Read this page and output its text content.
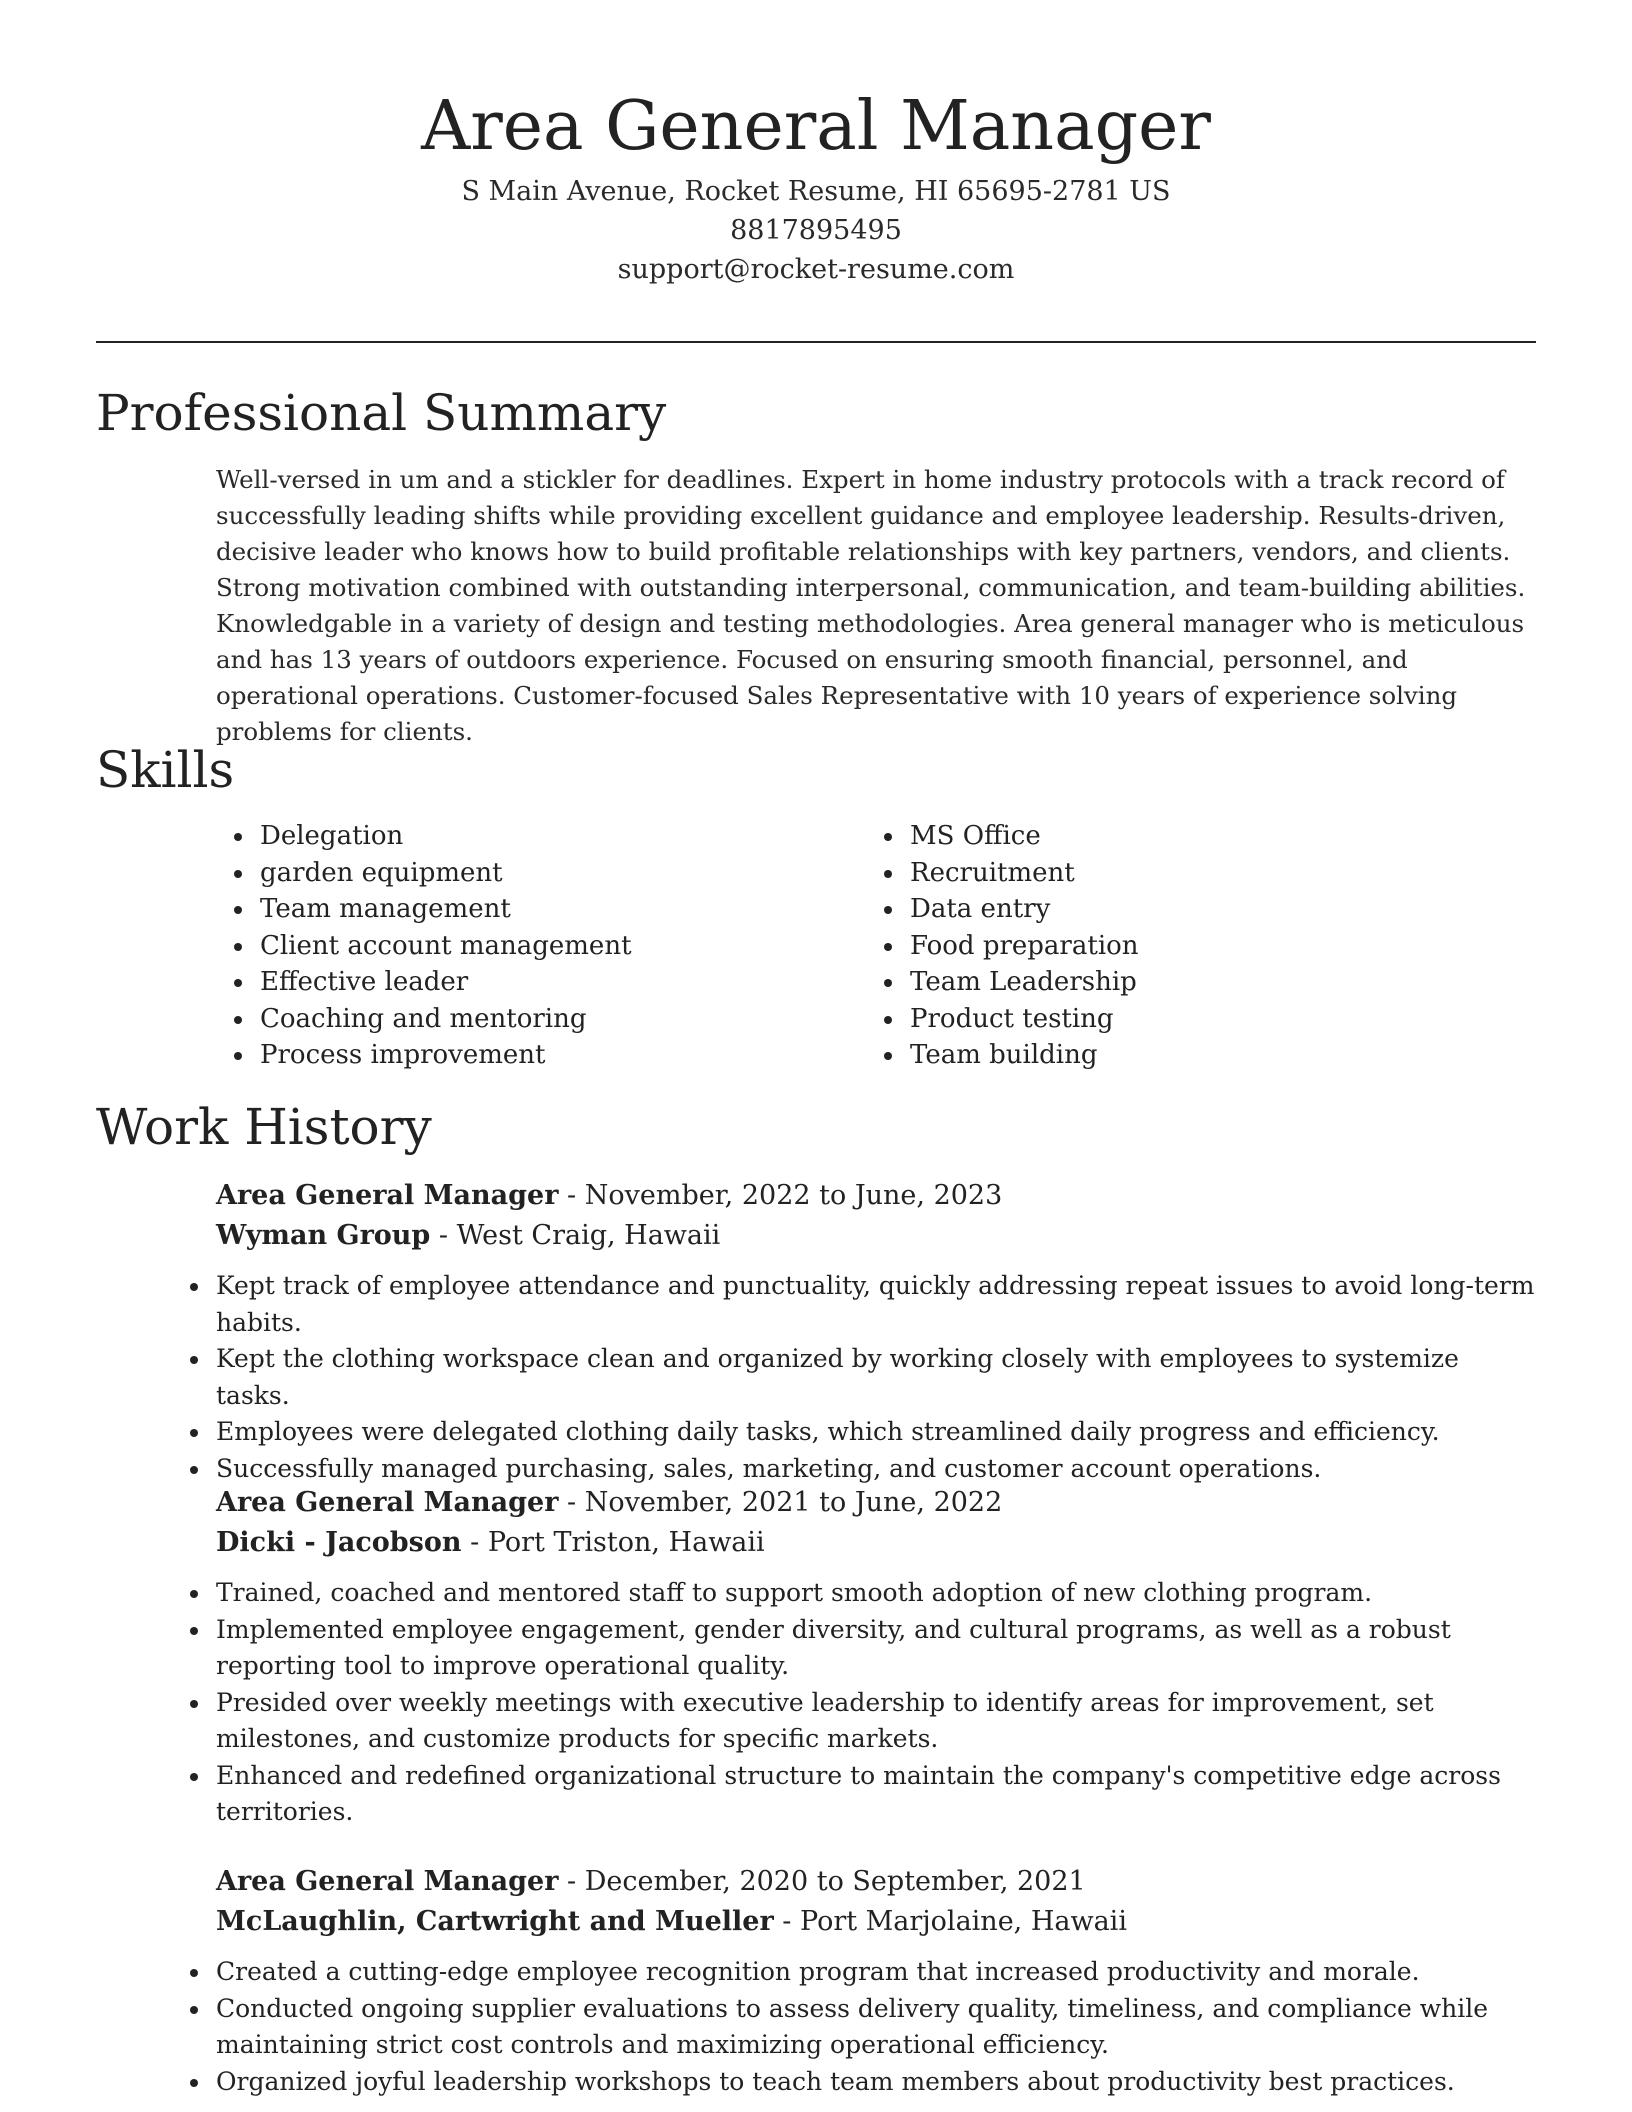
Area General Manager
S Main Avenue, Rocket Resume, HI 65695-2781 US
8817895495
support@rocket-resume.com
Professional Summary

Well-versed in um and a stickler for deadlines. Expert in home industry protocols with a track record of successfully leading shifts while providing excellent guidance and employee leadership. Results-driven, decisive leader who knows how to build profitable relationships with key partners, vendors, and clients. Strong motivation combined with outstanding interpersonal, communication, and team-building abilities. Knowledgable in a variety of design and testing methodologies. Area general manager who is meticulous and has 13 years of outdoors experience. Focused on ensuring smooth financial, personnel, and operational operations. Customer-focused Sales Representative with 10 years of experience solving problems for clients.

Skills
Delegation
garden equipment
Team management
Client account management
Effective leader
Coaching and mentoring
Process improvement
MS Office
Recruitment
Data entry
Food preparation
Team Leadership
Product testing
Team building
Work History
Area General Manager - November, 2022 to June, 2023
Wyman Group - West Craig, Hawaii
Kept track of employee attendance and punctuality, quickly addressing repeat issues to avoid long-term habits.
Kept the clothing workspace clean and organized by working closely with employees to systemize tasks.
Employees were delegated clothing daily tasks, which streamlined daily progress and efficiency.
Successfully managed purchasing, sales, marketing, and customer account operations.
Area General Manager - November, 2021 to June, 2022
Dicki - Jacobson - Port Triston, Hawaii
Trained, coached and mentored staff to support smooth adoption of new clothing program.
Implemented employee engagement, gender diversity, and cultural programs, as well as a robust reporting tool to improve operational quality.
Presided over weekly meetings with executive leadership to identify areas for improvement, set milestones, and customize products for specific markets.
Enhanced and redefined organizational structure to maintain the company's competitive edge across territories.
Area General Manager - December, 2020 to September, 2021
McLaughlin, Cartwright and Mueller - Port Marjolaine, Hawaii
Created a cutting-edge employee recognition program that increased productivity and morale.
Conducted ongoing supplier evaluations to assess delivery quality, timeliness, and compliance while maintaining strict cost controls and maximizing operational efficiency.
Organized joyful leadership workshops to teach team members about productivity best practices.
